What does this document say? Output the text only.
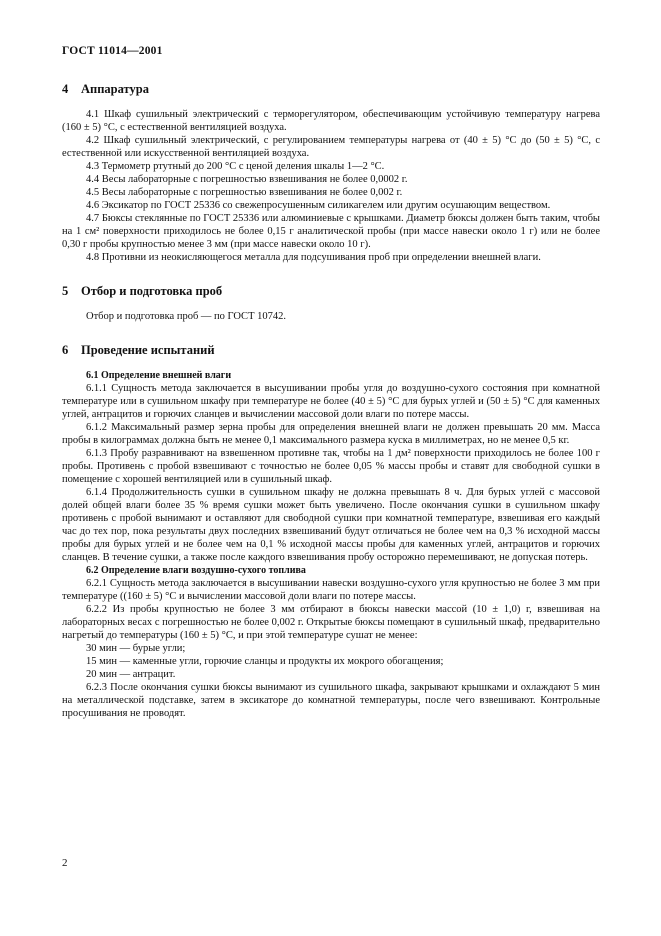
ГОСТ 11014—2001
4 Аппаратура

4.1 Шкаф сушильный электрический с терморегулятором, обеспечивающим устойчивую температуру нагрева (160 ± 5) °С, с естественной вентиляцией воздуха.

4.2 Шкаф сушильный электрический, с регулированием температуры нагрева от (40 ± 5) °С до (50 ± 5) °С, с естественной или искусственной вентиляцией воздуха.

4.3 Термометр ртутный до 200 °С с ценой деления шкалы 1—2 °С.

4.4 Весы лабораторные с погрешностью взвешивания не более 0,0002 г.

4.5 Весы лабораторные с погрешностью взвешивания не более 0,002 г.

4.6 Эксикатор по ГОСТ 25336 со свежепросушенным силикагелем или другим осушающим веществом.

4.7 Бюксы стеклянные по ГОСТ 25336 или алюминиевые с крышками. Диаметр бюксы должен быть таким, чтобы на 1 см² поверхности приходилось не более 0,15 г аналитической пробы (при массе навески около 1 г) или не более 0,30 г пробы крупностью менее 3 мм (при массе навески около 10 г).

4.8 Противни из неокисляющегося металла для подсушивания проб при определении внешней влаги.

5 Отбор и подготовка проб

Отбор и подготовка проб — по ГОСТ 10742.

6 Проведение испытаний

6.1 Определение внешней влаги

6.1.1 Сущность метода заключается в высушивании пробы угля до воздушно-сухого состояния при комнатной температуре или в сушильном шкафу при температуре не более (40 ± 5) °С для бурых углей и (50 ± 5) °С для каменных углей, антрацитов и горючих сланцев и вычислении массовой доли влаги по потере массы.

6.1.2 Максимальный размер зерна пробы для определения внешней влаги не должен превышать 20 мм. Масса пробы в килограммах должна быть не менее 0,1 максимального размера куска в миллиметрах, но не менее 0,5 кг.

6.1.3 Пробу разравнивают на взвешенном противне так, чтобы на 1 дм² поверхности приходилось не более 100 г пробы. Противень с пробой взвешивают с точностью не более 0,05 % массы пробы и ставят для свободной сушки в помещение с хорошей вентиляцией или в сушильный шкаф.

6.1.4 Продолжительность сушки в сушильном шкафу не должна превышать 8 ч. Для бурых углей с массовой долей общей влаги более 35 % время сушки может быть увеличено. После окончания сушки в сушильном шкафу противень с пробой вынимают и оставляют для свободной сушки при комнатной температуре, взвешивая его каждый час до тех пор, пока результаты двух последних взвешиваний будут отличаться не более чем на 0,3 % исходной массы пробы для бурых углей и не более чем на 0,1 % исходной массы пробы для каменных углей, антрацитов и горючих сланцев. В течение сушки, а также после каждого взвешивания пробу осторожно перемешивают, не допуская потерь.

6.2 Определение влаги воздушно-сухого топлива

6.2.1 Сущность метода заключается в высушивании навески воздушно-сухого угля крупностью не более 3 мм при температуре ((160 ± 5) °С и вычислении массовой доли влаги по потере массы.

6.2.2 Из пробы крупностью не более 3 мм отбирают в бюксы навески массой (10 ± 1,0) г, взвешивая на лабораторных весах с погрешностью не более 0,002 г. Открытые бюксы помещают в сушильный шкаф, предварительно нагретый до температуры (160 ± 5) °С, и при этой температуре сушат не менее:

30 мин — бурые угли;

15 мин — каменные угли, горючие сланцы и продукты их мокрого обогащения;

20 мин — антрацит.

6.2.3 После окончания сушки бюксы вынимают из сушильного шкафа, закрывают крышками и охлаждают 5 мин на металлической подставке, затем в эксикаторе до комнатной температуры, после чего взвешивают. Контрольные просушивания не проводят.

2
